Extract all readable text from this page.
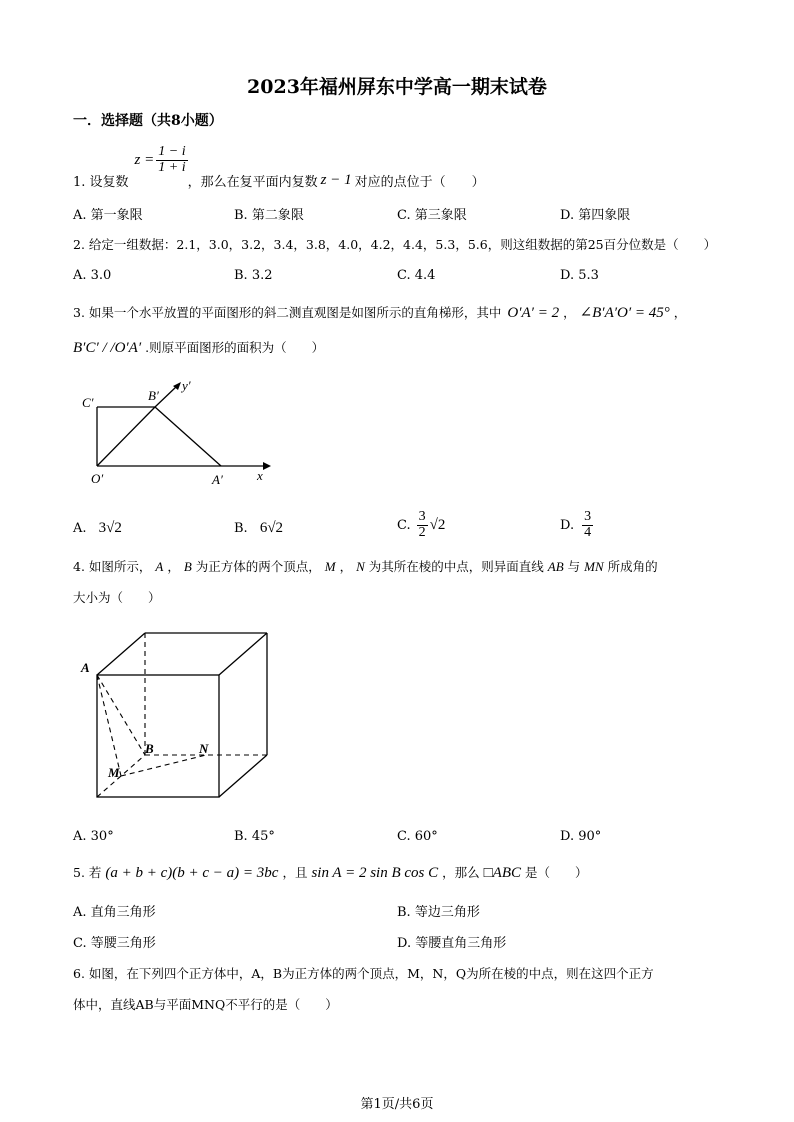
2023年福州屏东中学高一期末试卷
一．选择题（共8小题）
1. 设复数
$z = \frac{1 - i}{1 + i}$
，那么在复平面内复数 z − 1 对应的点位于（　　）
A. 第一象限	B. 第二象限	C. 第三象限	D. 第四象限
2. 给定一组数据：2.1，3.0，3.2，3.4，3.8，4.0，4.2，4.4，5.3，5.6，则这组数据的第25百分位数是（　　）
A. 3.0	B. 3.2	C. 4.4	D. 5.3
3. 如果一个水平放置的平面图形的斜二测直观图是如图所示的直角梯形，其中 O′A′ = 2 ， ∠B′A′O′ = 45° ，
B′C′ / /O′A′ .则原平面图形的面积为（　　）
C′	B′
y′
O′	A′	x
A. 3√2	B. 6√2	C. $\frac{3}{2} √2$	D. $\frac{3}{4}$
4. 如图所示， A ， B 为正方体的两个顶点， M ， N 为其所在棱的中点，则异面直线 AB 与 MN 所成角的
大小为（　　）
A
B	N
M
A. 30°	B. 45°	C. 60°	D. 90°
5. 若 (a + b + c)(b + c − a) = 3bc ，且 sin A = 2 sin B cos C ，那么 □ABC 是（　　）
A. 直角三角形	B. 等边三角形
C. 等腰三角形	D. 等腰直角三角形
6. 如图，在下列四个正方体中，A，B为正方体的两个顶点，M，N，Q为所在棱的中点，则在这四个正方
体中，直线AB与平面MNQ不平行的是（　　）
第1页/共6页
